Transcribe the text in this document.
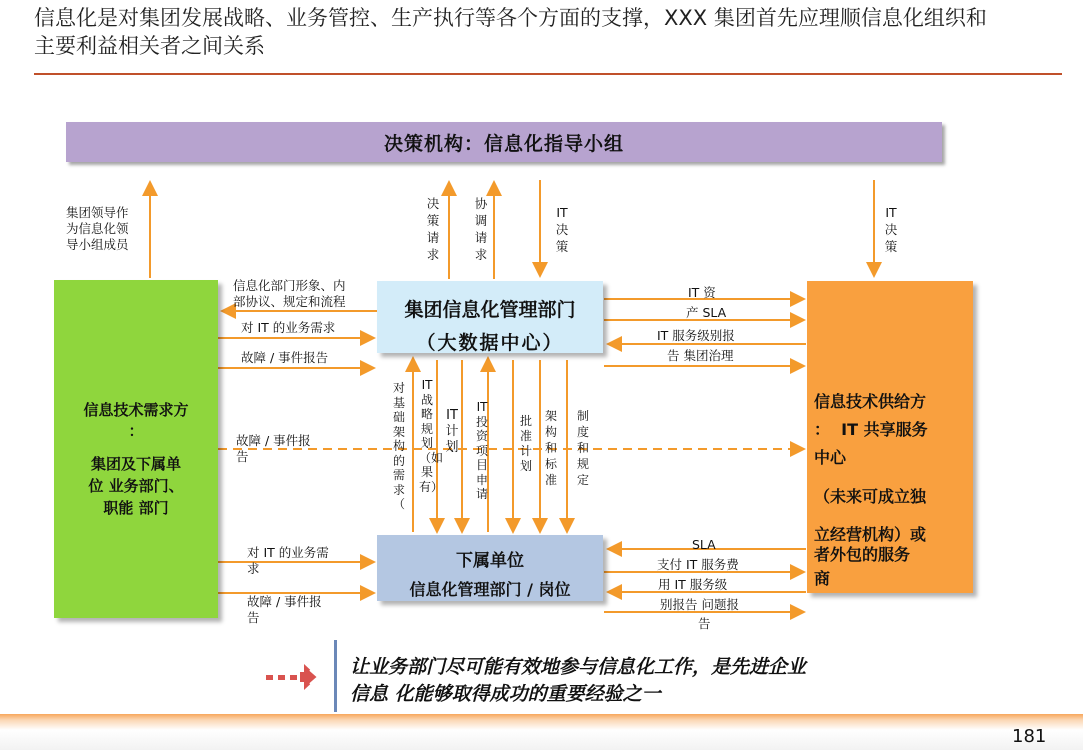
信息化是对集团发展战略、业务管控、生产执行等各个方面的支撑，XXX 集团首先应理顺信息化组织和主要利益相关者之间关系
决策机构：信息化指导小组
信息技术需求方
：
集团及下属单
位 业务部门、
职能 部门
信息技术供给方
：  IT 共享服务
中心
（未来可成立独
立经营机构）或
者外包的服务
商
集团信息化管理部门
（大数据中心）
下属单位
信息化管理部门 / 岗位
集团领导作
为信息化领
导小组成员
决策请求
协调请求
IT决策
IT决策
信息化部门形象、内
部协议、规定和流程
对 IT 的业务需求
故障 / 事件报告
故障 / 事件报
告
对 IT 的业务需
求
故障 / 事件报
告
IT 资
产 SLA
IT 服务级别报
告 集团治理
对基础架构的需求（
IT战略规划（如果有）
IT计划
IT投资项目申请
批准计划
架构和标准
制度和规定
SLA
支付 IT 服务费
用 IT 服务级
别报告 问题报
告
让业务部门尽可能有效地参与信息化工作，是先进企业
信息 化能够取得成功的重要经验之一
181
